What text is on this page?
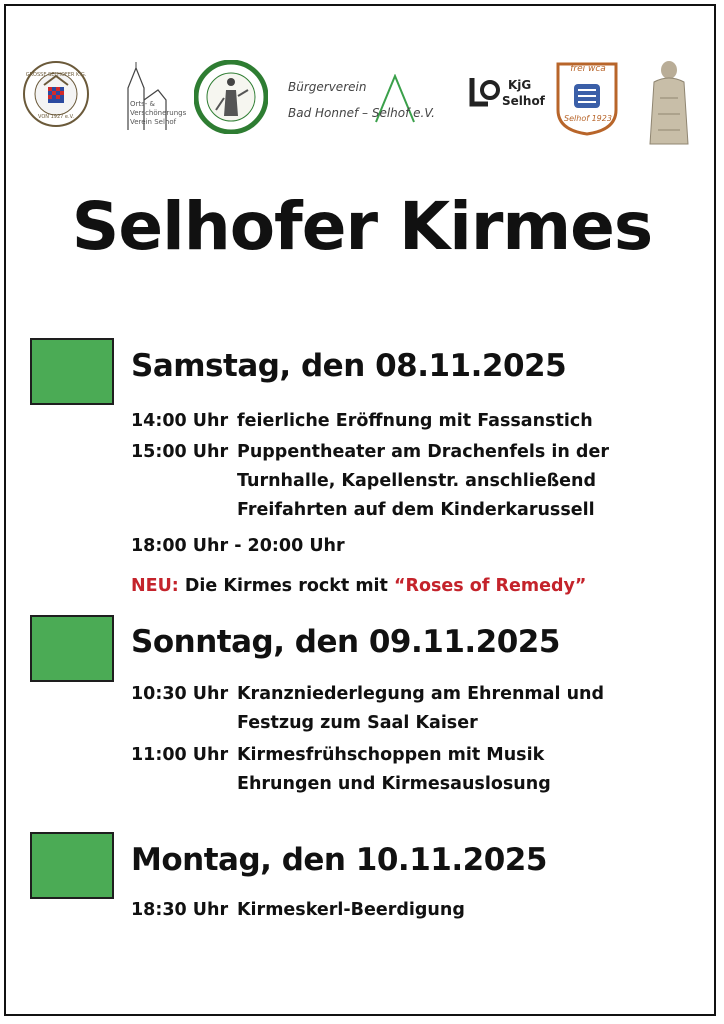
GROSSE SELHOFER K.G.
VON 1927 e.V.
Orts- &
Verschönerungs
Verein Selhof
Bürgerverein
Bad Honnef – Selhof e.V.
KjG
Selhof
frei wca
Selhof 1923
Selhofer Kirmes
Samstag, den 08.11.2025
14:00 Uhr feierliche Eröffnung mit Fassanstich
15:00 Uhr Puppentheater am Drachenfels in der
Turnhalle, Kapellenstr. anschließend
Freifahrten auf dem Kinderkarussell
18:00 Uhr - 20:00 Uhr
NEU: Die Kirmes rockt mit “Roses of Remedy”
Sonntag, den 09.11.2025
10:30 Uhr Kranzniederlegung am Ehrenmal und
Festzug zum Saal Kaiser
11:00 Uhr Kirmesfrühschoppen mit Musik
Ehrungen und Kirmesauslosung
Montag, den 10.11.2025
18:30 Uhr Kirmeskerl-Beerdigung
